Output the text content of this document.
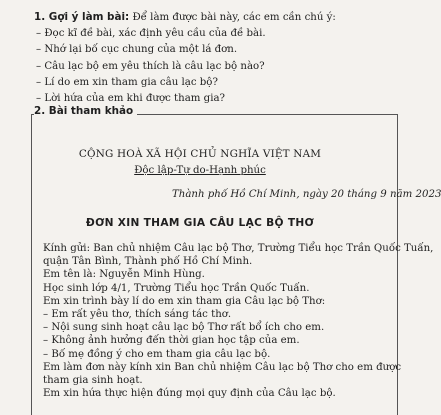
1. Gợi ý làm bài: Để làm được bài này, các em cần chú ý:
– Đọc kĩ đề bài, xác định yêu cầu của đề bài.
– Nhớ lại bố cục chung của một lá đơn.
– Câu lạc bộ em yêu thích là câu lạc bộ nào?
– Lí do em xin tham gia câu lạc bộ?
– Lời hứa của em khi được tham gia?
2. Bài tham khảo
CỘNG HOÀ XÃ HỘI CHỦ NGHĨA VIỆT NAM
Độc lập-Tự do-Hạnh phúc
Thành phố Hồ Chí Minh, ngày 20 tháng 9 năm 2023
ĐƠN XIN THAM GIA CÂU LẠC BỘ THƠ
Kính gửi: Ban chủ nhiệm Câu lạc bộ Thơ, Trường Tiểu học Trần Quốc Tuấn,
quận Tân Bình, Thành phố Hồ Chí Minh.
Em tên là: Nguyễn Minh Hùng.
Học sinh lớp 4/1, Trường Tiểu học Trần Quốc Tuấn.
Em xin trình bày lí do em xin tham gia Câu lạc bộ Thơ:
– Em rất yêu thơ, thích sáng tác thơ.
– Nội sung sinh hoạt câu lạc bộ Thơ rất bổ ích cho em.
– Không ảnh hưởng đến thời gian học tập của em.
– Bố mẹ đồng ý cho em tham gia câu lạc bộ.
Em làm đơn này kính xin Ban chủ nhiệm Câu lạc bộ Thơ cho em được
tham gia sinh hoạt.
Em xin hứa thực hiện đúng mọi quy định của Câu lạc bộ.
